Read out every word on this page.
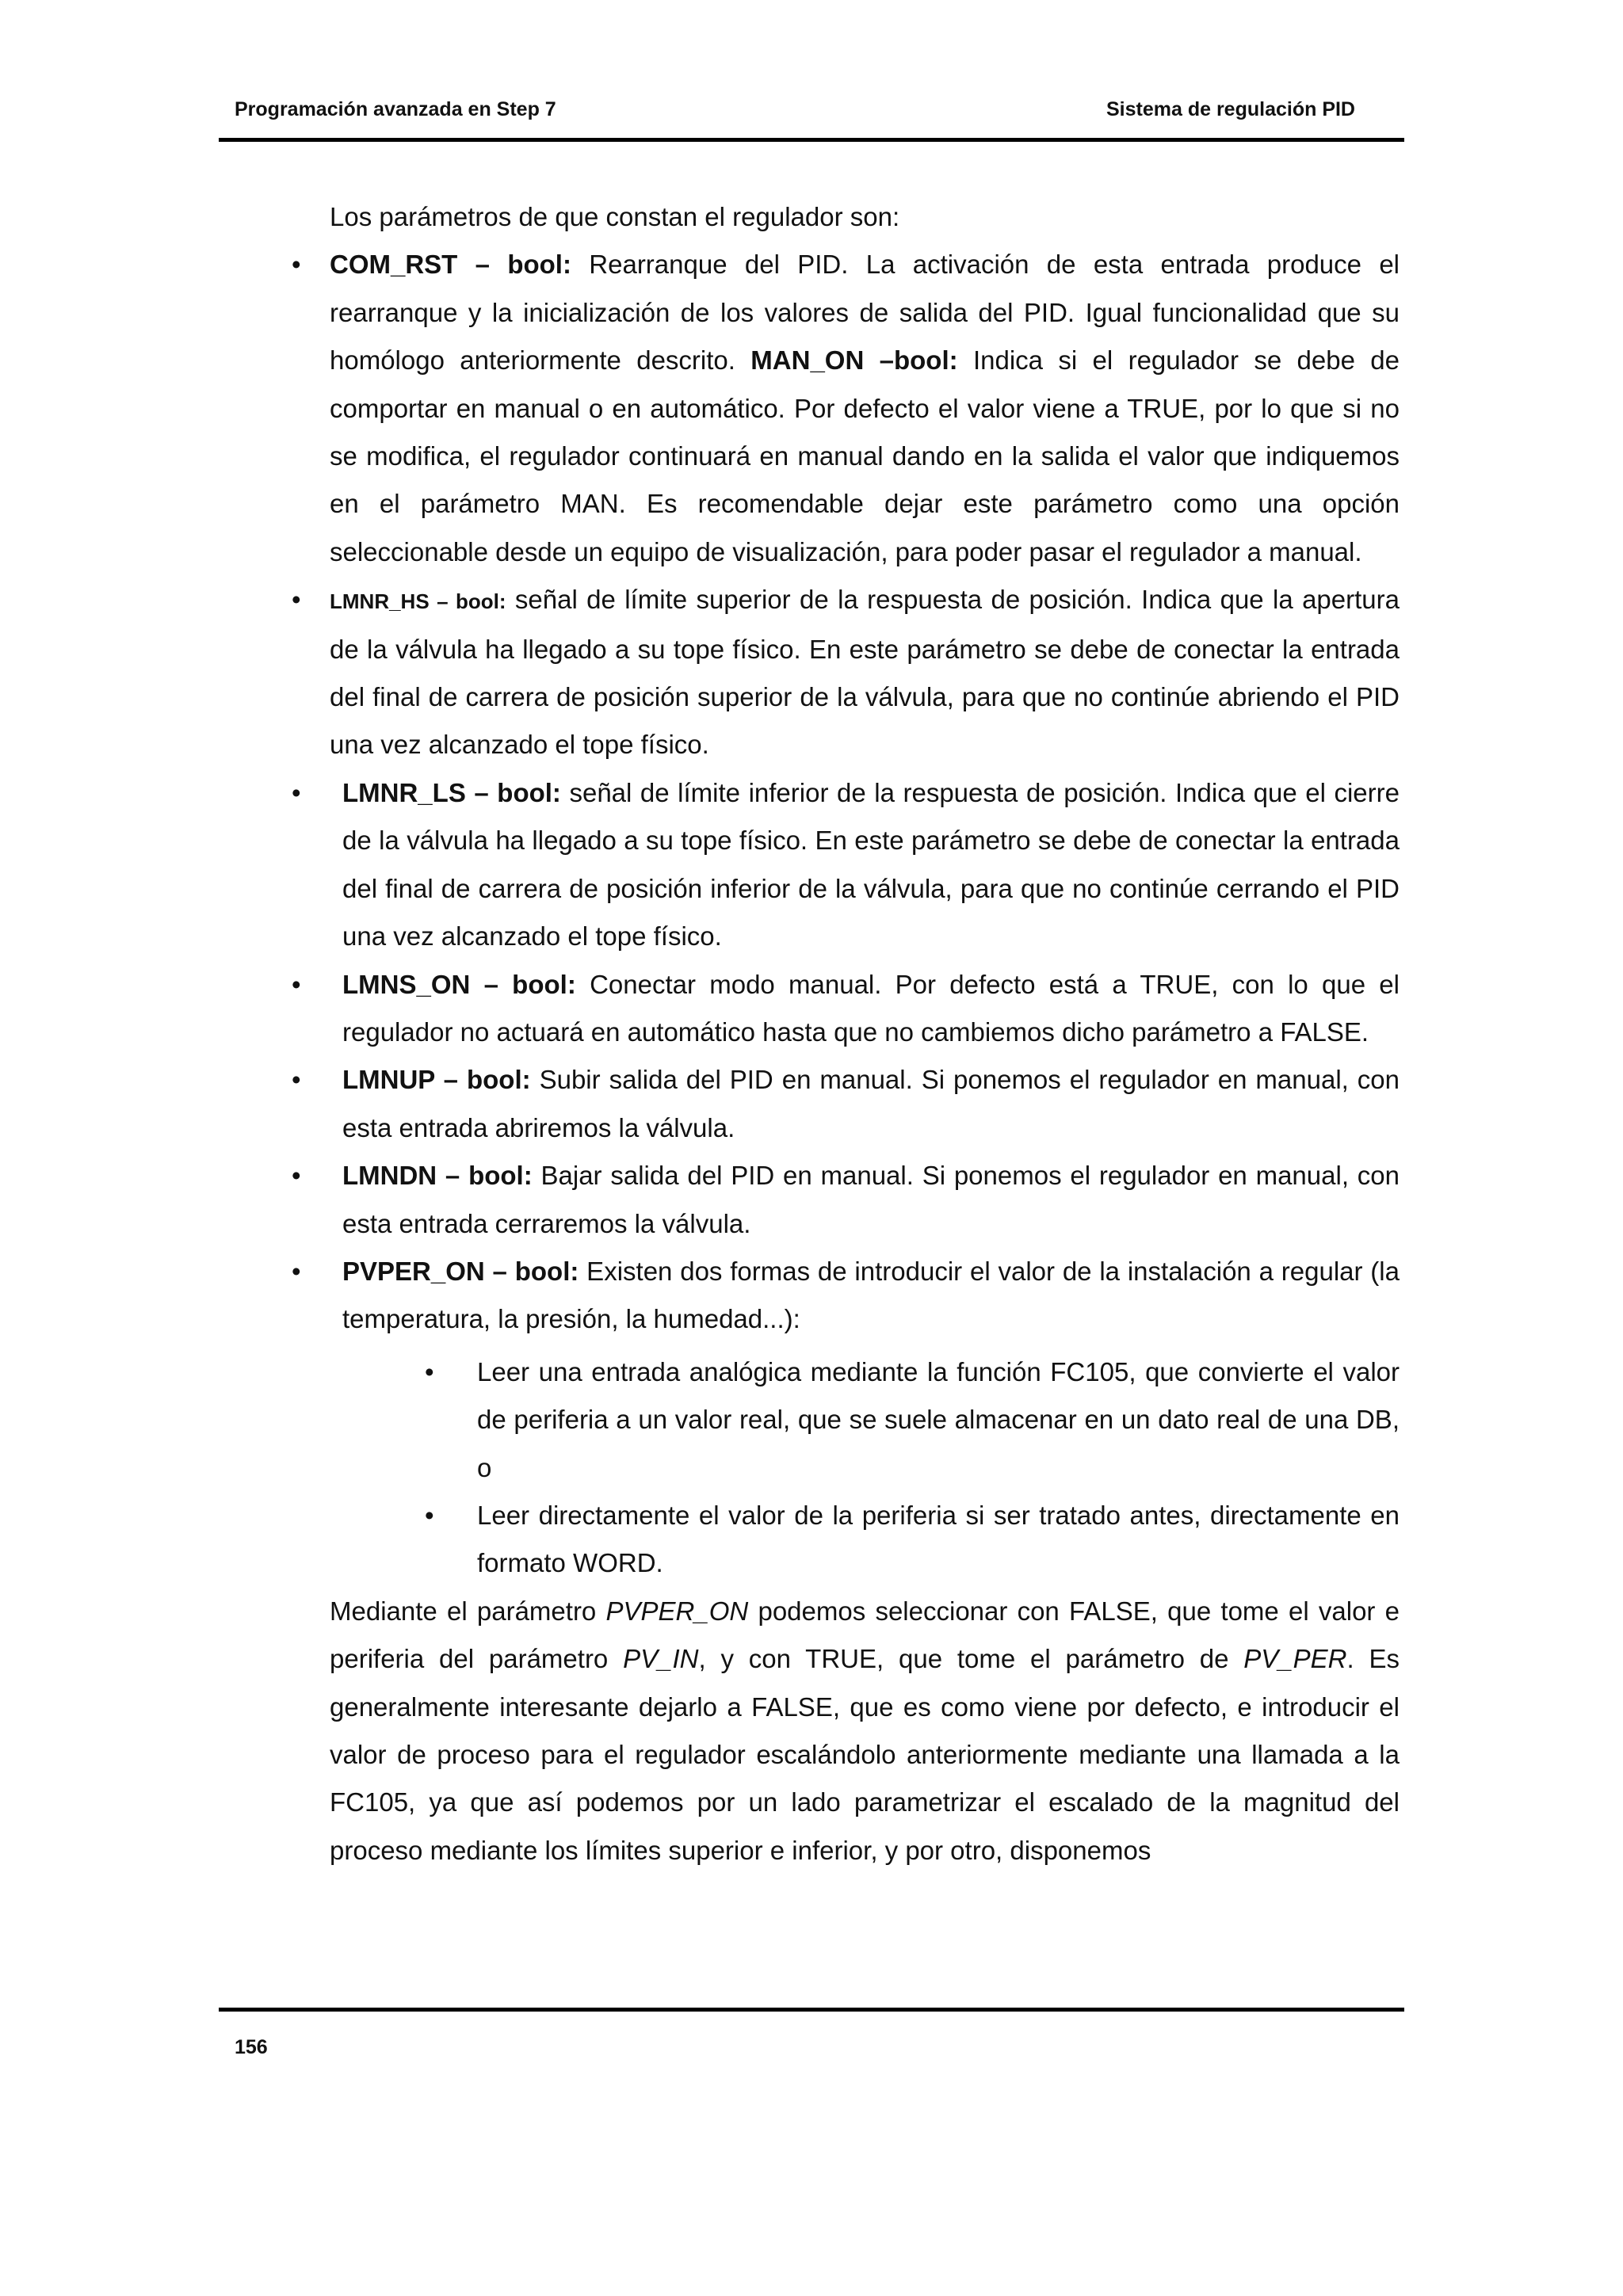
Programación avanzada en Step 7	Sistema de regulación PID

Los parámetros de que constan el regulador son:

• COM_RST – bool: Rearranque del PID. La activación de esta entrada produce el rearranque y la inicialización de los valores de salida del PID. Igual funcionalidad que su homólogo anteriormente descrito. MAN_ON –bool: Indica si el regulador se debe de comportar en manual o en automático. Por defecto el valor viene a TRUE, por lo que si no se modifica, el regulador continuará en manual dando en la salida el valor que indiquemos en el parámetro MAN. Es recomendable dejar este parámetro como una opción seleccionable desde un equipo de visualización, para poder pasar el regulador a manual.

• LMNR_HS – bool: señal de límite superior de la respuesta de posición. Indica que la apertura de la válvula ha llegado a su tope físico. En este parámetro se debe de conectar la entrada del final de carrera de posición superior de la válvula, para que no continúe abriendo el PID una vez alcanzado el tope físico.

• LMNR_LS – bool: señal de límite inferior de la respuesta de posición. Indica que el cierre de la válvula ha llegado a su tope físico. En este parámetro se debe de conectar la entrada del final de carrera de posición inferior de la válvula, para que no continúe cerrando el PID una vez alcanzado el tope físico.

• LMNS_ON – bool: Conectar modo manual. Por defecto está a TRUE, con lo que el regulador no actuará en automático hasta que no cambiemos dicho parámetro a FALSE.

• LMNUP – bool: Subir salida del PID en manual. Si ponemos el regulador en manual, con esta entrada abriremos la válvula.

• LMNDN – bool: Bajar salida del PID en manual. Si ponemos el regulador en manual, con esta entrada cerraremos la válvula.

• PVPER_ON – bool: Existen dos formas de introducir el valor de la instalación a regular (la temperatura, la presión, la humedad...):

• Leer una entrada analógica mediante la función FC105, que convierte el valor de periferia a un valor real, que se suele almacenar en un dato real de una DB, o

• Leer directamente el valor de la periferia si ser tratado antes, directamente en formato WORD.

Mediante el parámetro PVPER_ON podemos seleccionar con FALSE, que tome el valor e periferia del parámetro PV_IN, y con TRUE, que tome el parámetro de PV_PER. Es generalmente interesante dejarlo a FALSE, que es como viene por defecto, e introducir el valor de proceso para el regulador escalándolo anteriormente mediante una llamada a la FC105, ya que así podemos por un lado parametrizar el escalado de la magnitud del proceso mediante los límites superior e inferior, y por otro, disponemos

156
